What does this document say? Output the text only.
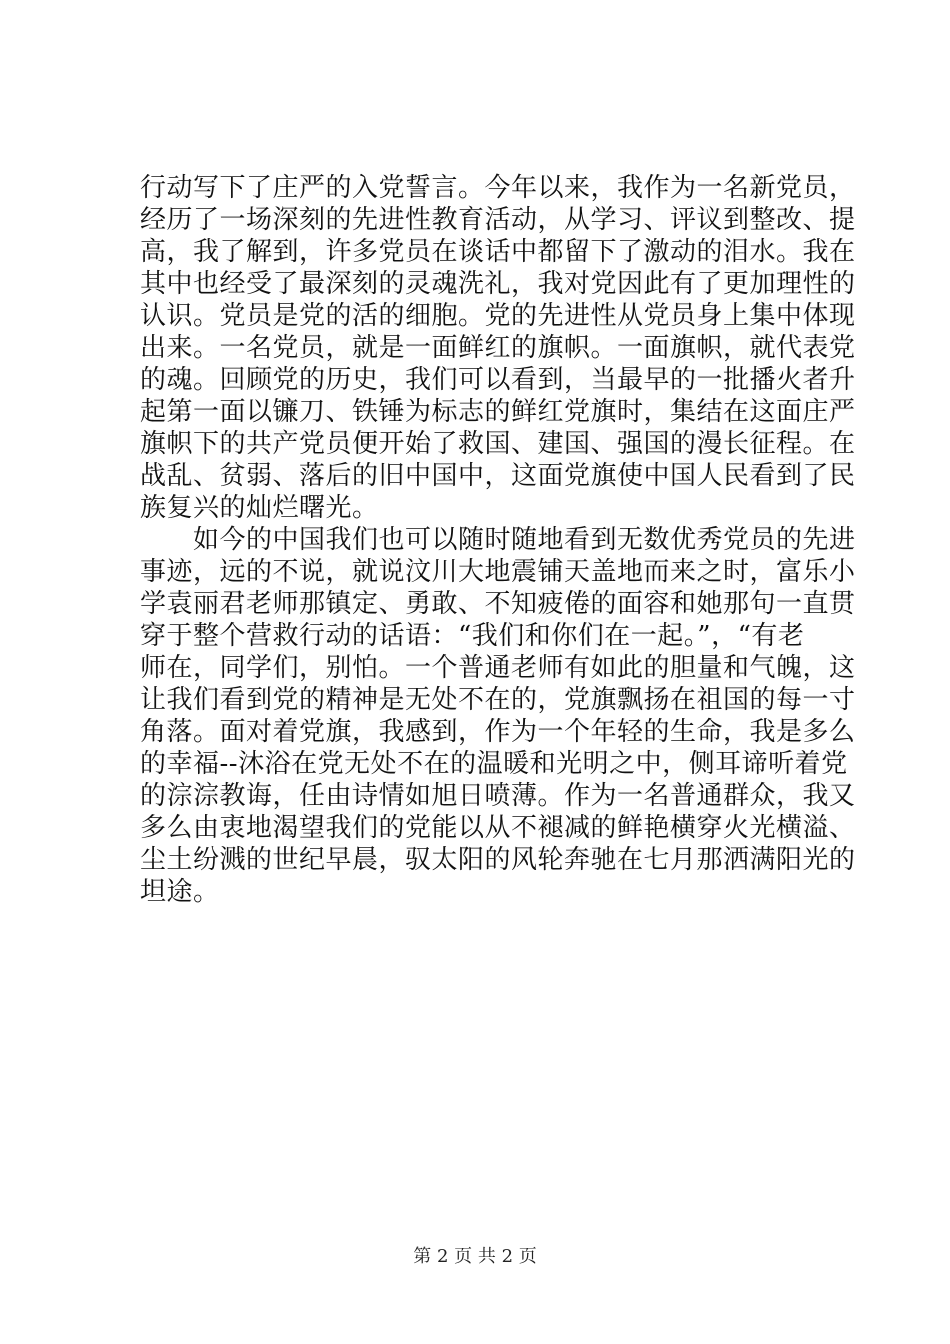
行动写下了庄严的入党誓言。今年以来，我作为一名新党员，
经历了一场深刻的先进性教育活动，从学习、评议到整改、提
高，我了解到，许多党员在谈话中都留下了激动的泪水。我在
其中也经受了最深刻的灵魂洗礼，我对党因此有了更加理性的
认识。党员是党的活的细胞。党的先进性从党员身上集中体现
出来。一名党员，就是一面鲜红的旗帜。一面旗帜，就代表党
的魂。回顾党的历史，我们可以看到，当最早的一批播火者升
起第一面以镰刀、铁锤为标志的鲜红党旗时，集结在这面庄严
旗帜下的共产党员便开始了救国、建国、强国的漫长征程。在
战乱、贫弱、落后的旧中国中，这面党旗使中国人民看到了民
族复兴的灿烂曙光。
　　如今的中国我们也可以随时随地看到无数优秀党员的先进
事迹，远的不说，就说汶川大地震铺天盖地而来之时，富乐小
学袁丽君老师那镇定、勇敢、不知疲倦的面容和她那句一直贯
穿于整个营救行动的话语：“我们和你们在一起。”，“有老
师在，同学们，别怕。一个普通老师有如此的胆量和气魄，这
让我们看到党的精神是无处不在的，党旗飘扬在祖国的每一寸
角落。面对着党旗，我感到，作为一个年轻的生命，我是多么
的幸福--沐浴在党无处不在的温暖和光明之中，侧耳谛听着党
的淙淙教诲，任由诗情如旭日喷薄。作为一名普通群众，我又
多么由衷地渴望我们的党能以从不褪减的鲜艳横穿火光横溢、
尘土纷溅的世纪早晨，驭太阳的风轮奔驰在七月那洒满阳光的
坦途。
第 2 页 共 2 页
